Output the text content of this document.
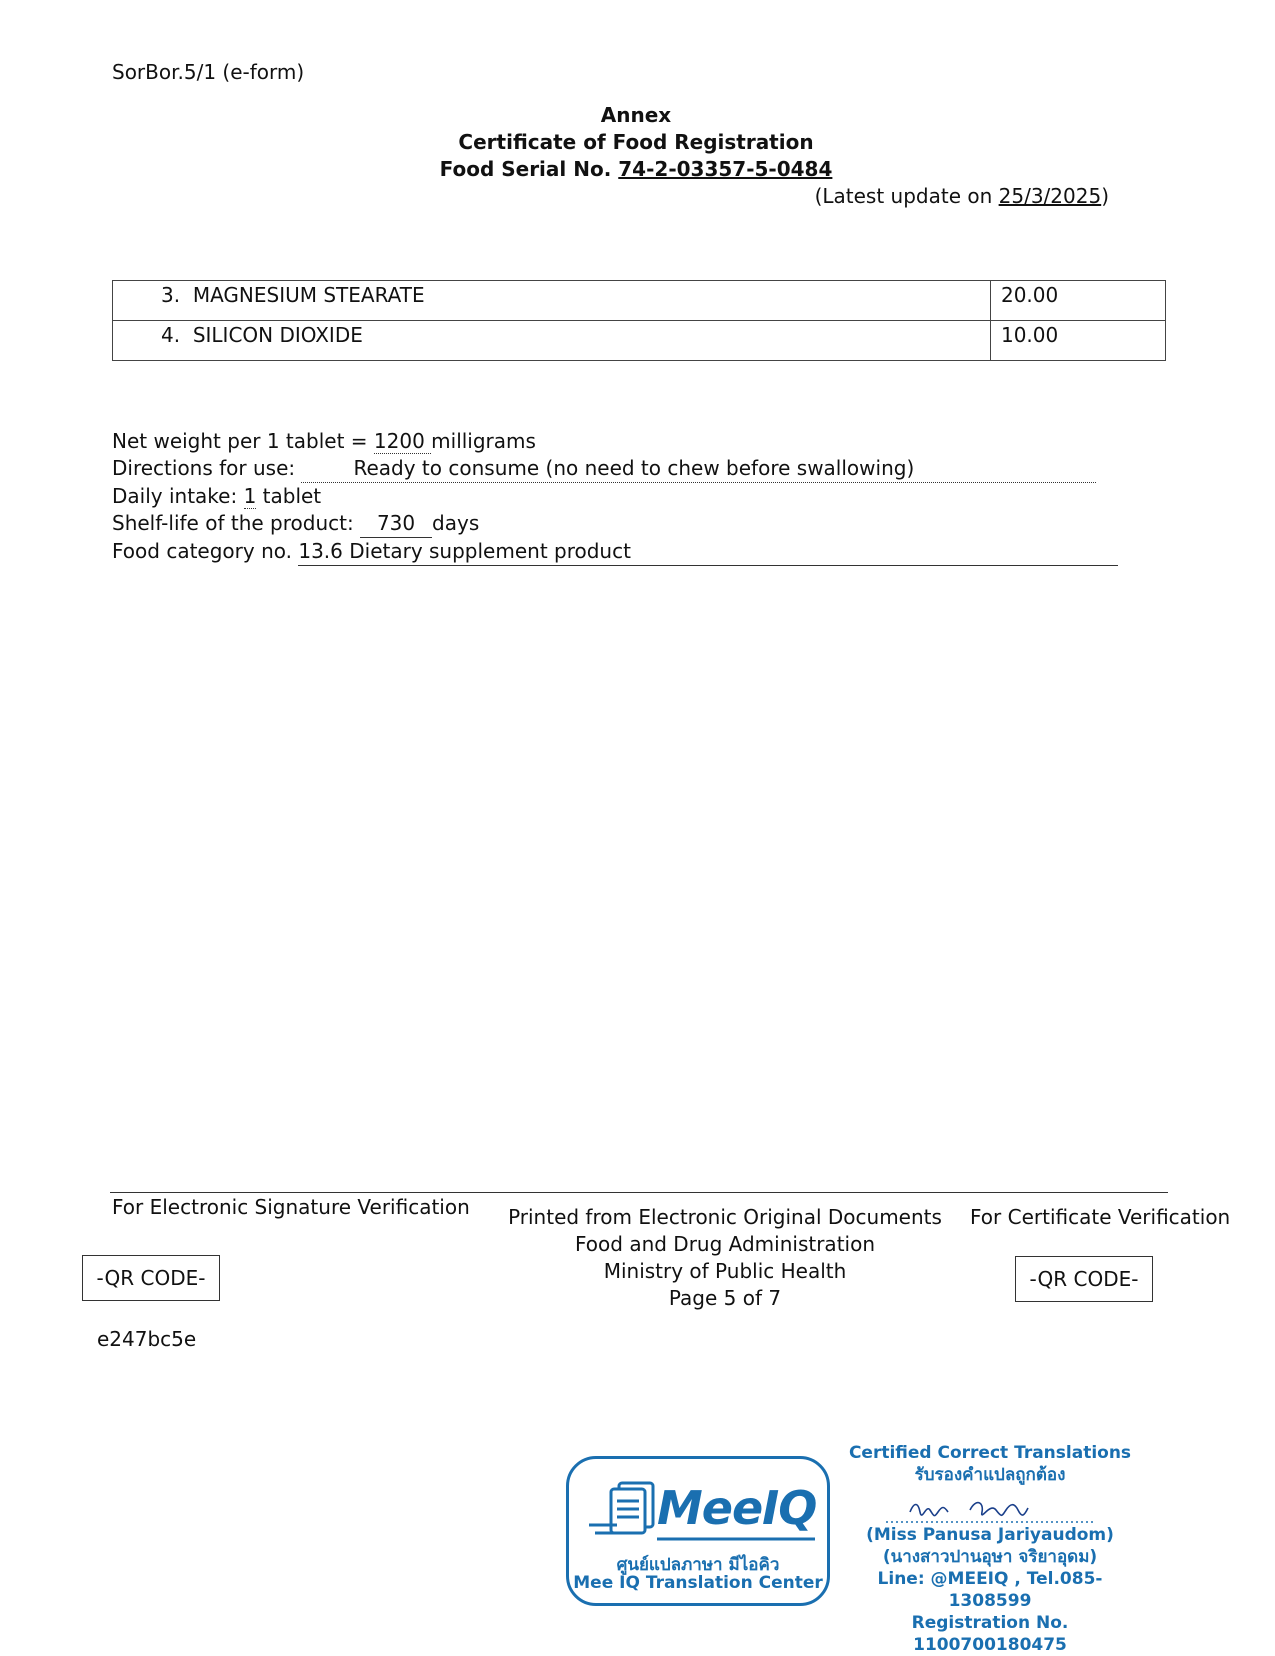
SorBor.5/1 (e-form)
Annex
Certificate of Food Registration
Food Serial No. 74-2-03357-5-0484
(Latest update on 25/3/2025)
3. MAGNESIUM STEARATE	20.00
4. SILICON DIOXIDE	10.00
Net weight per 1 tablet = 1200 milligrams
Directions for use:	Ready to consume (no need to chew before swallowing)
Daily intake: 1 tablet
Shelf-life of the product: 730 days
Food category no. 13.6 Dietary supplement product
For Electronic Signature Verification	Printed from Electronic Original Documents
Food and Drug Administration
Ministry of Public Health
Page 5 of 7
For Certificate Verification
-QR CODE-	-QR CODE-
e247bc5e
MeeIQ
ศูนย์แปลภาษา มีไอคิว
Mee IQ Translation Center
Certified Correct Translations
รับรองคำแปลถูกต้อง
(Miss Panusa Jariyaudom)
(นางสาวปานอุษา จริยาอุดม)
Line: @MEEIQ , Tel.085-1308599
Registration No. 1100700180475
